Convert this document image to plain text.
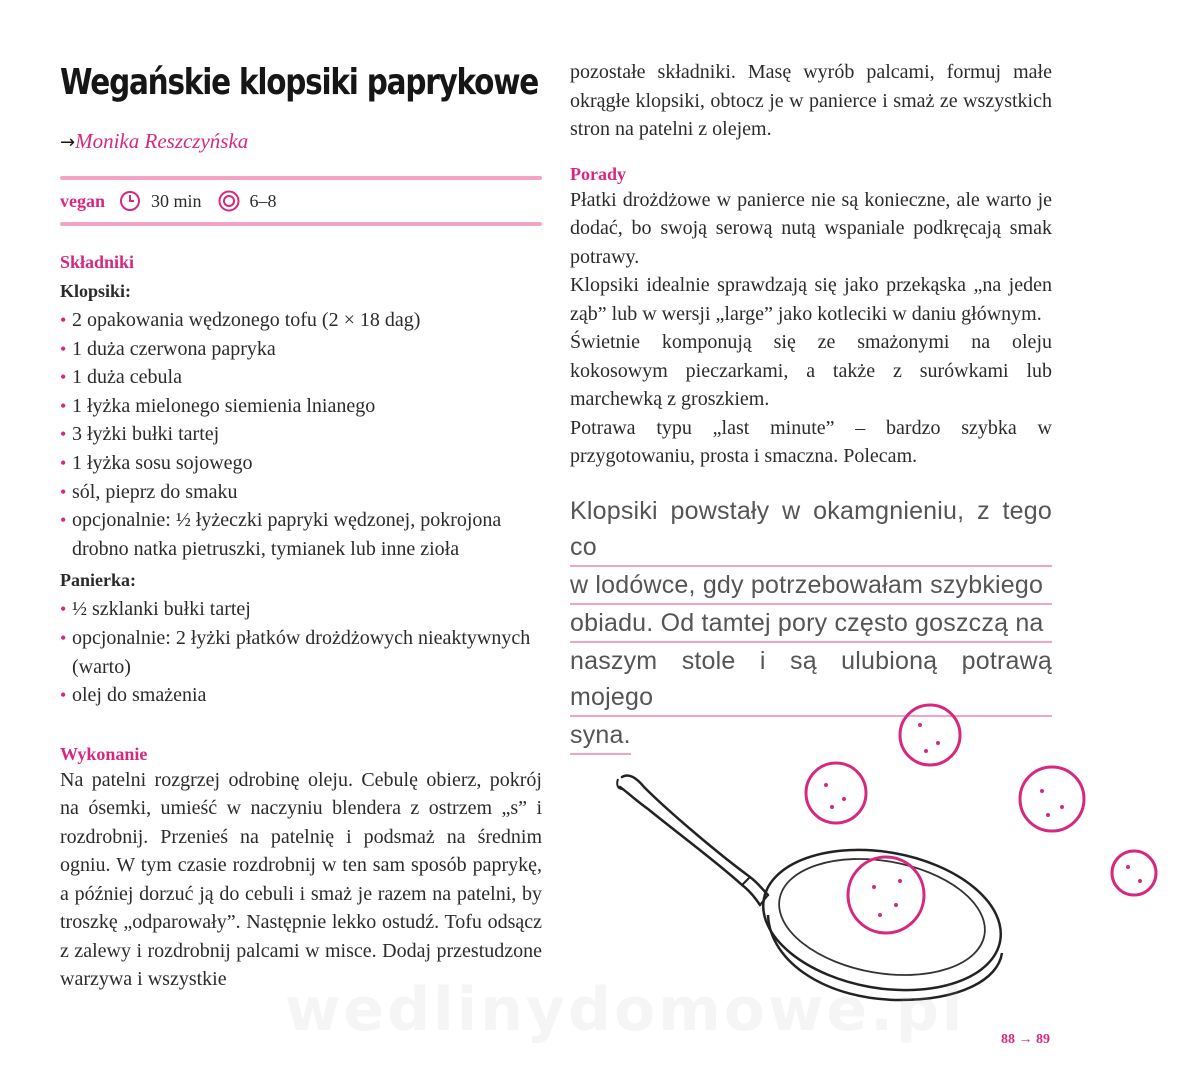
Wegańskie klopsiki paprykowe
→Monika Reszczyńska
vegan	30 min	6–8
Składniki
Klopsiki:
• 2 opakowania wędzonego tofu (2 × 18 dag)
• 1 duża czerwona papryka
• 1 duża cebula
• 1 łyżka mielonego siemienia lnianego
• 3 łyżki bułki tartej
• 1 łyżka sosu sojowego
• sól, pieprz do smaku
• opcjonalnie: ½ łyżeczki papryki wędzonej, pokrojona drobno natka pietruszki, tymianek lub inne zioła
Panierka:
• ½ szklanki bułki tartej
• opcjonalnie: 2 łyżki płatków drożdżowych nieaktywnych (warto)
• olej do smażenia
Wykonanie

Na patelni rozgrzej odrobinę oleju. Cebulę obierz, pokrój na ósemki, umieść w naczyniu blendera z ostrzem „s” i rozdrobnij. Przenieś na patelnię i podsmaż na średnim ogniu. W tym czasie rozdrobnij w ten sam sposób paprykę, a później dorzuć ją do cebuli i smaż je razem na patelni, by troszkę „odparowały”. Następnie lekko ostudź. Tofu odsącz z zalewy i rozdrobnij palcami w misce. Dodaj przestudzone warzywa i wszystkie

pozostałe składniki. Masę wyrób palcami, formuj małe okrągłe klopsiki, obtocz je w panierce i smaż ze wszystkich stron na patelni z olejem.

Porady

Płatki drożdżowe w panierce nie są konieczne, ale warto je dodać, bo swoją serową nutą wspaniale podkręcają smak potrawy.

Klopsiki idealnie sprawdzają się jako przekąska „na jeden ząb” lub w wersji „large” jako kotleciki w daniu głównym.

Świetnie komponują się ze smażonymi na oleju kokosowym pieczarkami, a także z surówkami lub marchewką z groszkiem.

Potrawa typu „last minute” – bardzo szybka w przygotowaniu, prosta i smaczna. Polecam.

Klopsiki powstały w okamgnieniu, z tego co
w lodówce, gdy potrzebowałam szybkiego
obiadu. Od tamtej pory często goszczą na
naszym stole i są ulubioną potrawą mojego
syna.
wedlinydomowe.pl	88 → 89
